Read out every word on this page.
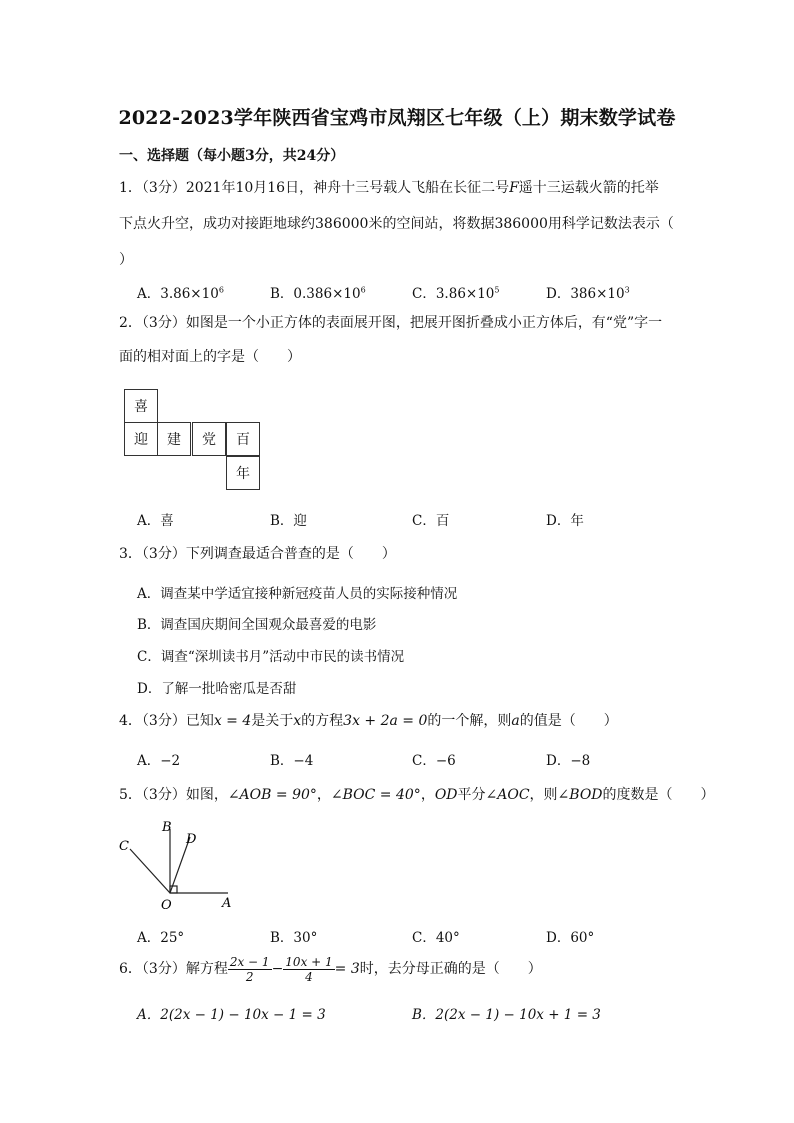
2022-2023学年陕西省宝鸡市凤翔区七年级（上）期末数学试卷
一、选择题（每小题3分，共24分）
1．（3分）2021年10月16日，神舟十三号载人飞船在长征二号F遥十三运载火箭的托举
下点火升空，成功对接距地球约386000米的空间站，将数据386000用科学记数法表示（
）
A．$3.86\times 10^6$	B．$0.386\times 10^6$	C．$3.86\times 10^5$	D．$386\times 10^3$
2．（3分）如图是一个小正方体的表面展开图，把展开图折叠成小正方体后，有“党”字一
面的相对面上的字是（　　）
喜
迎	建	党	百
年
A．喜	B．迎	C．百	D．年
3．（3分）下列调查最适合普查的是（　　）
A．调查某中学适宜接种新冠疫苗人员的实际接种情况
B．调查国庆期间全国观众最喜爱的电影
C．调查“深圳读书月”活动中市民的读书情况
D．了解一批哈密瓜是否甜
4．（3分）已知x = 4是关于x的方程3x + 2a = 0的一个解，则a的值是（　　）
A．−2	B．−4	C．−6	D．−8
5．（3分）如图，∠AOB = 90°，∠BOC = 40°，OD平分∠AOC，则∠BOD的度数是（　　）
B
D
C
O	A
A．25°	B．30°	C．40°	D．60°
6．（3分）解方程 $\frac{2x - 1}{2} - \frac{10x + 1}{4} = 3$时，去分母正确的是（　　）
A．2(2x − 1) − 10x − 1 = 3	B．2(2x − 1) − 10x + 1 = 3
